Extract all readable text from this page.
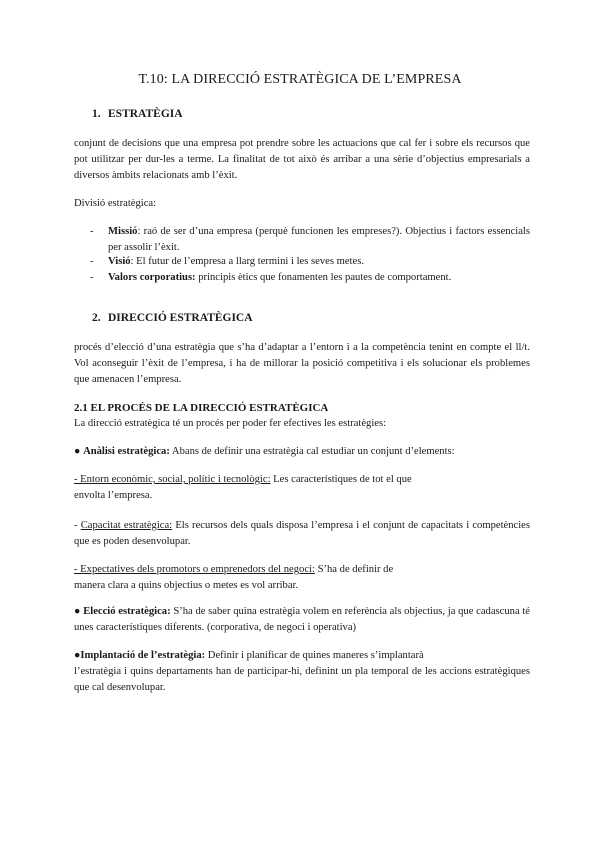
T.10: LA DIRECCIÓ ESTRATÈGICA DE L’EMPRESA
1. ESTRATÈGIA
conjunt de decisions que una empresa pot prendre sobre les actuacions que cal fer i sobre els recursos que pot utilitzar per dur-les a terme. La finalitat de tot això és arribar a una sèrie d’objectius empresarials a diversos àmbits relacionats amb l’èxit.
Divisió estratègica:
- Missió: raó de ser d’una empresa (perquè funcionen les empreses?). Objectius i factors essencials per assolir l’èxit.
- Visió: El futur de l’empresa a llarg termini i les seves metes.
- Valors corporatius: principis ètics que fonamenten les pautes de comportament.
2. DIRECCIÓ ESTRATÈGICA
procés d’elecció d’una estratègia que s’ha d’adaptar a l’entorn i a la competència tenint en compte el ll/t. Vol aconseguir l’èxit de l’empresa, i ha de millorar la posició competitiva i els solucionar els problemes que amenacen l’empresa.
2.1 EL PROCÉS DE LA DIRECCIÓ ESTRATÈGICA
La direcció estratègica té un procés per poder fer efectives les estratègies:
● Anàlisi estratègica: Abans de definir una estratègia cal estudiar un conjunt d’elements:
- Entorn econòmic, social, polític i tecnològic: Les característiques de tot el que envolta l’empresa.
- Capacitat estratègica: Els recursos dels quals disposa l’empresa i el conjunt de capacitats i competències que es poden desenvolupar.
- Expectatives dels promotors o emprenedors del negoci: S’ha de definir de manera clara a quins objectius o metes es vol arribar.
● Elecció estratègica: S’ha de saber quina estratègia volem en referència als objectius, ja que cadascuna té unes característiques diferents. (corporativa, de negoci i operativa)
●Implantació de l’estratègia: Definir i planificar de quines maneres s’implantarà
l’estratègia i quins departaments han de participar-hi, definint un pla temporal de les accions estratègiques que cal desenvolupar.
